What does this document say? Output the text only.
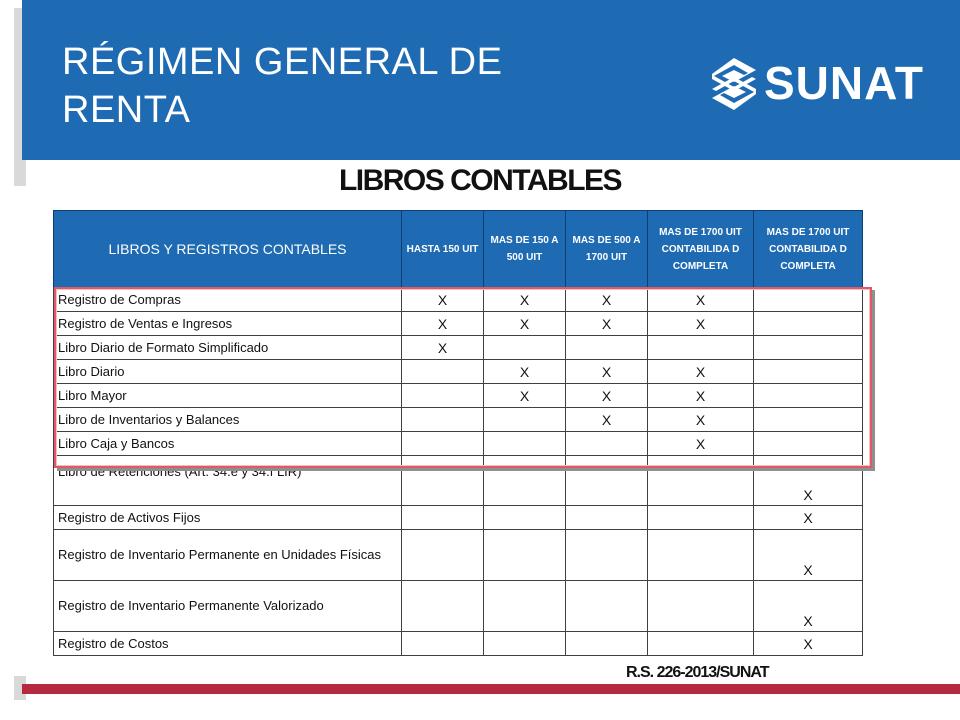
RÉGIMEN GENERAL DE
RENTA
SUNAT
LIBROS CONTABLES
LIBROS Y REGISTROS CONTABLES	HASTA 150 UIT	MAS DE 150 A 500 UIT	MAS DE 500 A 1700 UIT	MAS DE 1700 UIT CONTABILIDA D COMPLETA	MAS DE 1700 UIT CONTABILIDA D COMPLETA
Registro de Compras	X	X	X	X	
Registro de Ventas e Ingresos	X	X	X	X	
Libro Diario de Formato Simplificado	X				
Libro Diario		X	X	X	
Libro Mayor		X	X	X	
Libro de Inventarios y Balances			X	X	
Libro Caja y Bancos				X	
Libro de Retenciones (Art. 34.e y 34.f LIR)					X
Registro de Activos Fijos					X
Registro de Inventario Permanente en Unidades Físicas					X
Registro de Inventario Permanente Valorizado					X
Registro de Costos					X
R.S. 226-2013/SUNAT
